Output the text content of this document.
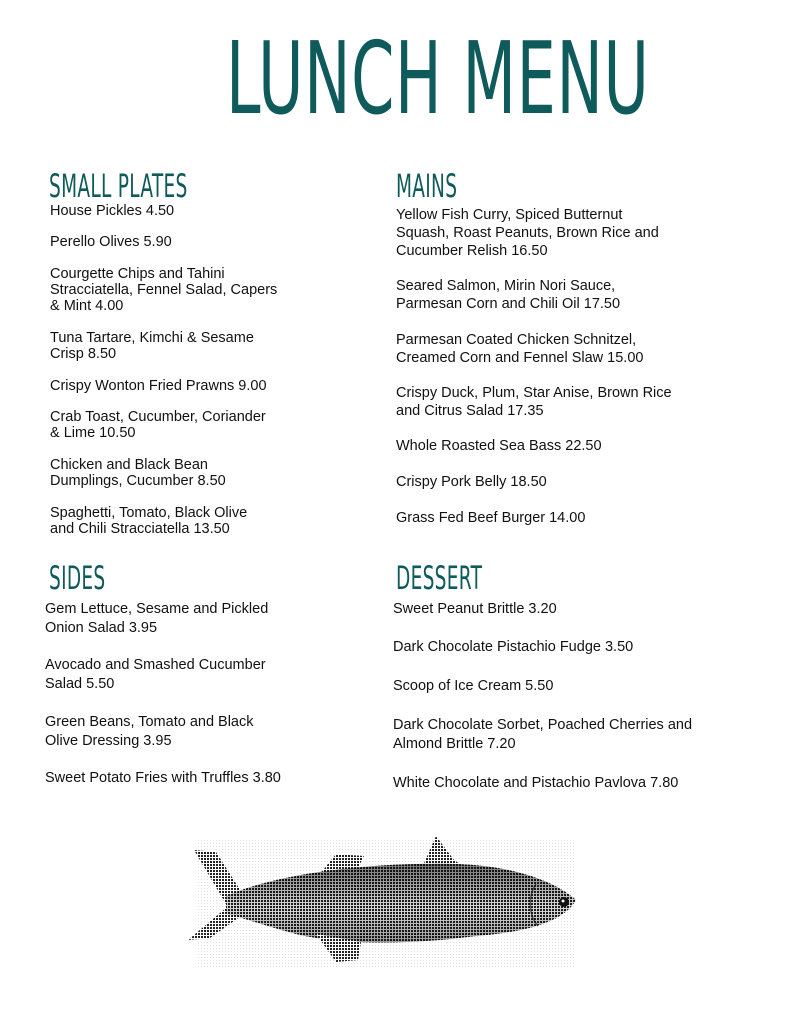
LUNCH MENU
SMALL PLATES
House Pickles 4.50
Perello Olives 5.90
Courgette Chips and Tahini
Stracciatella, Fennel Salad, Capers
& Mint 4.00
Tuna Tartare, Kimchi & Sesame
Crisp 8.50
Crispy Wonton Fried Prawns 9.00
Crab Toast, Cucumber, Coriander
& Lime 10.50
Chicken and Black Bean
Dumplings, Cucumber 8.50
Spaghetti, Tomato, Black Olive
and Chili Stracciatella 13.50
MAINS
Yellow Fish Curry, Spiced Butternut
Squash, Roast Peanuts, Brown Rice and
Cucumber Relish 16.50
Seared Salmon, Mirin Nori Sauce,
Parmesan Corn and Chili Oil 17.50
Parmesan Coated Chicken Schnitzel,
Creamed Corn and Fennel Slaw 15.00
Crispy Duck, Plum, Star Anise, Brown Rice
and Citrus Salad 17.35
Whole Roasted Sea Bass 22.50
Crispy Pork Belly 18.50
Grass Fed Beef Burger 14.00
SIDES
Gem Lettuce, Sesame and Pickled
Onion Salad 3.95
Avocado and Smashed Cucumber
Salad 5.50
Green Beans, Tomato and Black
Olive Dressing 3.95
Sweet Potato Fries with Truffles 3.80
DESSERT
Sweet Peanut Brittle 3.20
Dark Chocolate Pistachio Fudge 3.50
Scoop of Ice Cream 5.50
Dark Chocolate Sorbet, Poached Cherries and
Almond Brittle 7.20
White Chocolate and Pistachio Pavlova 7.80
